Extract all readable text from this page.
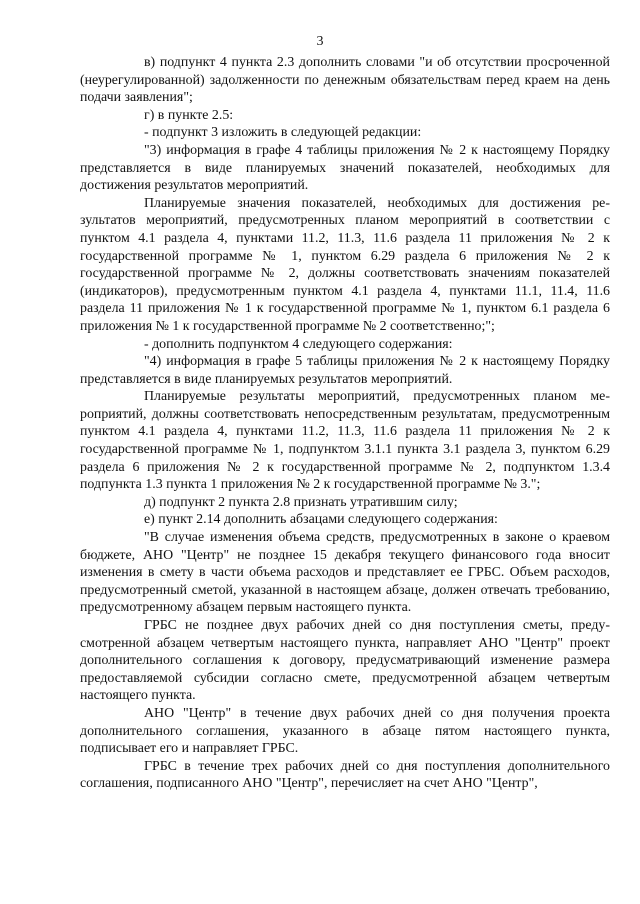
3

в) подпункт 4 пункта 2.3 дополнить словами "и об отсутствии просроченной (неурегулированной) задолженности по денежным обязательствам перед краем на день подачи заявления";

г) в пункте 2.5:

- подпункт 3 изложить в следующей редакции:

"3) информация в графе 4 таблицы приложения № 2 к настоящему Порядку представляется в виде планируемых значений показателей, необходимых для достижения результатов мероприятий.

Планируемые значения показателей, необходимых для достижения результатов мероприятий, предусмотренных планом мероприятий в соответствии с пунктом 4.1 раздела 4, пунктами 11.2, 11.3, 11.6 раздела 11 приложения № 2 к государственной программе № 1, пунктом 6.29 раздела 6 приложения № 2 к государственной программе № 2, должны соответствовать значениям показателей (индикаторов), предусмотренным пунктом 4.1 раздела 4, пунктами 11.1, 11.4, 11.6 раздела 11 приложения № 1 к государственной программе № 1, пунктом 6.1 раздела 6 приложения № 1 к государственной программе № 2 соответственно;";

- дополнить подпунктом 4 следующего содержания:

"4) информация в графе 5 таблицы приложения № 2 к настоящему Порядку представляется в виде планируемых результатов мероприятий.

Планируемые результаты мероприятий, предусмотренных планом мероприятий, должны соответствовать непосредственным результатам, предусмотренным пунктом 4.1 раздела 4, пунктами 11.2, 11.3, 11.6 раздела 11 приложения № 2 к государственной программе № 1, подпунктом 3.1.1 пункта 3.1 раздела 3, пунктом 6.29 раздела 6 приложения № 2 к государственной программе № 2, подпунктом 1.3.4 подпункта 1.3 пункта 1 приложения № 2 к государственной программе № 3.";

д) подпункт 2 пункта 2.8 признать утратившим силу;

е) пункт 2.14 дополнить абзацами следующего содержания:

"В случае изменения объема средств, предусмотренных в законе о краевом бюджете, АНО "Центр" не позднее 15 декабря текущего финансового года вносит изменения в смету в части объема расходов и представляет ее ГРБС. Объем расходов, предусмотренный сметой, указанной в настоящем абзаце, должен отвечать требованию, предусмотренному абзацем первым настоящего пункта.

ГРБС не позднее двух рабочих дней со дня поступления сметы, предусмотренной абзацем четвертым настоящего пункта, направляет АНО "Центр" проект дополнительного соглашения к договору, предусматривающий изменение размера предоставляемой субсидии согласно смете, предусмотренной абзацем четвертым настоящего пункта.

АНО "Центр" в течение двух рабочих дней со дня получения проекта дополнительного соглашения, указанного в абзаце пятом настоящего пункта, подписывает его и направляет ГРБС.

ГРБС в течение трех рабочих дней со дня поступления дополнительного соглашения, подписанного АНО "Центр", перечисляет на счет АНО "Центр",
